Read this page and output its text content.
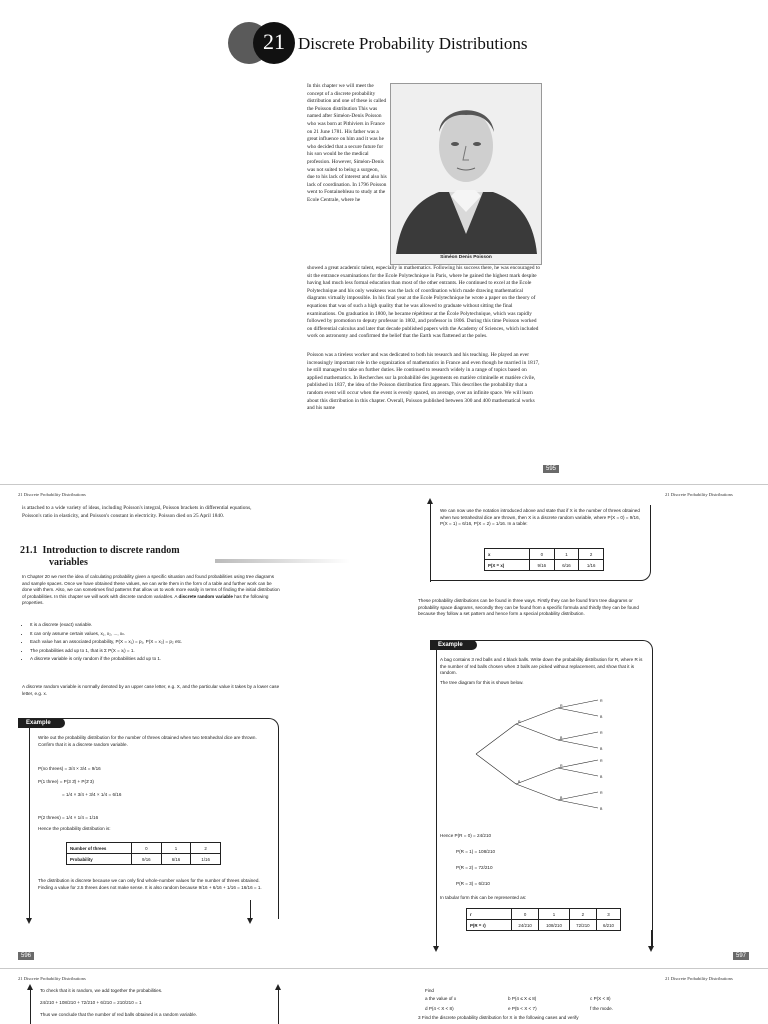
21 Discrete Probability Distributions
In this chapter we will meet the concept of a discrete probability distribution and one of these is called the Poisson distribution This was named after Siméon-Denis Poisson who was born at Pithiviers in France on 21 June 1781. His father was a great influence on him and it was he who decided that a secure future for his son would be the medical profession. However, Siméon-Denis was not suited to being a surgeon, due to his lack of interest and also his lack of coordination. In 1796 Poisson went to Fontainebleau to study at the Ecole Centrale, where he
Siméon Denis Poisson
showed a great academic talent, especially in mathematics. Following his success there, he was encouraged to sit the entrance examinations for the Ecole Polytechnique in Paris, where he gained the highest mark despite having had much less formal education than most of the other entrants. He continued to excel at the Ecole Polytechnique and his only weakness was the lack of coordination which made drawing mathematical diagrams virtually impossible. In his final year at the Ecole Polytechnique he wrote a paper on the theory of equations that was of such a high quality that he was allowed to graduate without sitting the final examinations. On graduation in 1800, he became répétiteur at the École Polytechnique, which was rapidly followed by promotion to deputy professor in 1802, and professor in 1806. During this time Poisson worked on differential calculus and later that decade published papers with the Academy of Sciences, which included work on astronomy and confirmed the belief that the Earth was flattened at the poles.
Poisson was a tireless worker and was dedicated to both his research and his teaching. He played an ever increasingly important role in the organization of mathematics in France and even though he married in 1817, he still managed to take on further duties. He continued to research widely in a range of topics based on applied mathematics. In Recherches sur la probabilité des jugements en matière criminelle et matière civile, published in 1837, the idea of the Poisson distribution first appears. This describes the probability that a random event will occur when the event is evenly spaced, on average, over an infinite space. We will learn about this distribution in this chapter. Overall, Poisson published between 300 and 400 mathematical works and his name
595
21 Discrete Probability Distributions	21 Discrete Probability Distributions
is attached to a wide variety of ideas, including Poisson's integral, Poisson brackets in differential equations, Poisson's ratio in elasticity, and Poisson's constant in electricity. Poisson died on 25 April 1840.
21.1 Introduction to discrete random
variables
In Chapter 20 we met the idea of calculating probability given a specific situation and found probabilities using tree diagrams and sample spaces. Once we have obtained these values, we can write them in the form of a table and further work can be done with them. Also, we can sometimes find patterns that allow us to work more easily in terms of finding the initial distribution of probabilities. In this chapter we will work with discrete random variables. A discrete random variable has the following properties.
• It is a discrete (exact) variable.
• It can only assume certain values, x₁, x₂, ..., xₙ.
• Each value has an associated probability, P(X = x₁) = p₁, P(X = x₂) = p₂ etc.
• The probabilities add up to 1, that is Σ P(X = xᵢ) = 1.
• A discrete variable is only random if the probabilities add up to 1.
A discrete random variable is normally denoted by an upper case letter, e.g. X, and the particular value it takes by a lower case letter, e.g. x.
Example
Write out the probability distribution for the number of threes obtained when two tetrahedral dice are thrown. Confirm that it is a discrete random variable.
P(no threes) = 3/4 × 3/4 = 9/16
P(1 three) = P(3 3̄) + P(3̄ 3)
= 1/4 × 3/4 + 3/4 × 1/4 = 6/16
P(2 threes) = 1/4 × 1/4 = 1/16
Hence the probability distribution is:
Number of threes	0	1	2
Probability	9/16	6/16	1/16
The distribution is discrete because we can only find whole-number values for the number of threes obtained. Finding a value for 2.5 threes does not make sense. It is also random because 9/16 + 6/16 + 1/16 = 16/16 = 1.
596
We can now use the notation introduced above and state that if X is the number of threes obtained when two tetrahedral dice are thrown, then X is a discrete random variable, where P(X = 0) = 9/16, P(X = 1) = 6/16, P(X = 2) = 1/16. In a table:
x	0	1	2
P(X = x)	9/16	6/16	1/16
These probability distributions can be found in three ways. Firstly they can be found from tree diagrams or probability space diagrams, secondly they can be found from a specific formula and thirdly they can be found because they follow a set pattern and hence form a special probability distribution.
Example
A bag contains 3 red balls and 4 black balls. Write down the probability distribution for R, where R is the number of red balls chosen when 3 balls are picked without replacement, and show that it is random.
The tree diagram for this is shown below.
R
B
R
B
R
B
R
B
R
B
R
B
R
B
Hence P(R = 0) = 24/210
P(R = 1) = 108/210
P(R = 2) = 72/210
P(R = 3) = 6/210
In tabular form this can be represented as:
r	0	1	2	3
P(R = r)	24/210	108/210	72/210	6/210
597
21 Discrete Probability Distributions	21 Discrete Probability Distributions
To check that it is random, we add together the probabilities.
24/210 + 108/210 + 72/210 + 6/210 = 210/210 = 1
Thus we conclude that the number of red balls obtained is a random variable.
Find
a the value of x	b P(4 ≤ X ≤ 8)	c P(X < 8)
d P(4 < X < 8)	e P(5 < X < 7)	f the mode.
3 Find the discrete probability distribution for X in the following cases and verify
